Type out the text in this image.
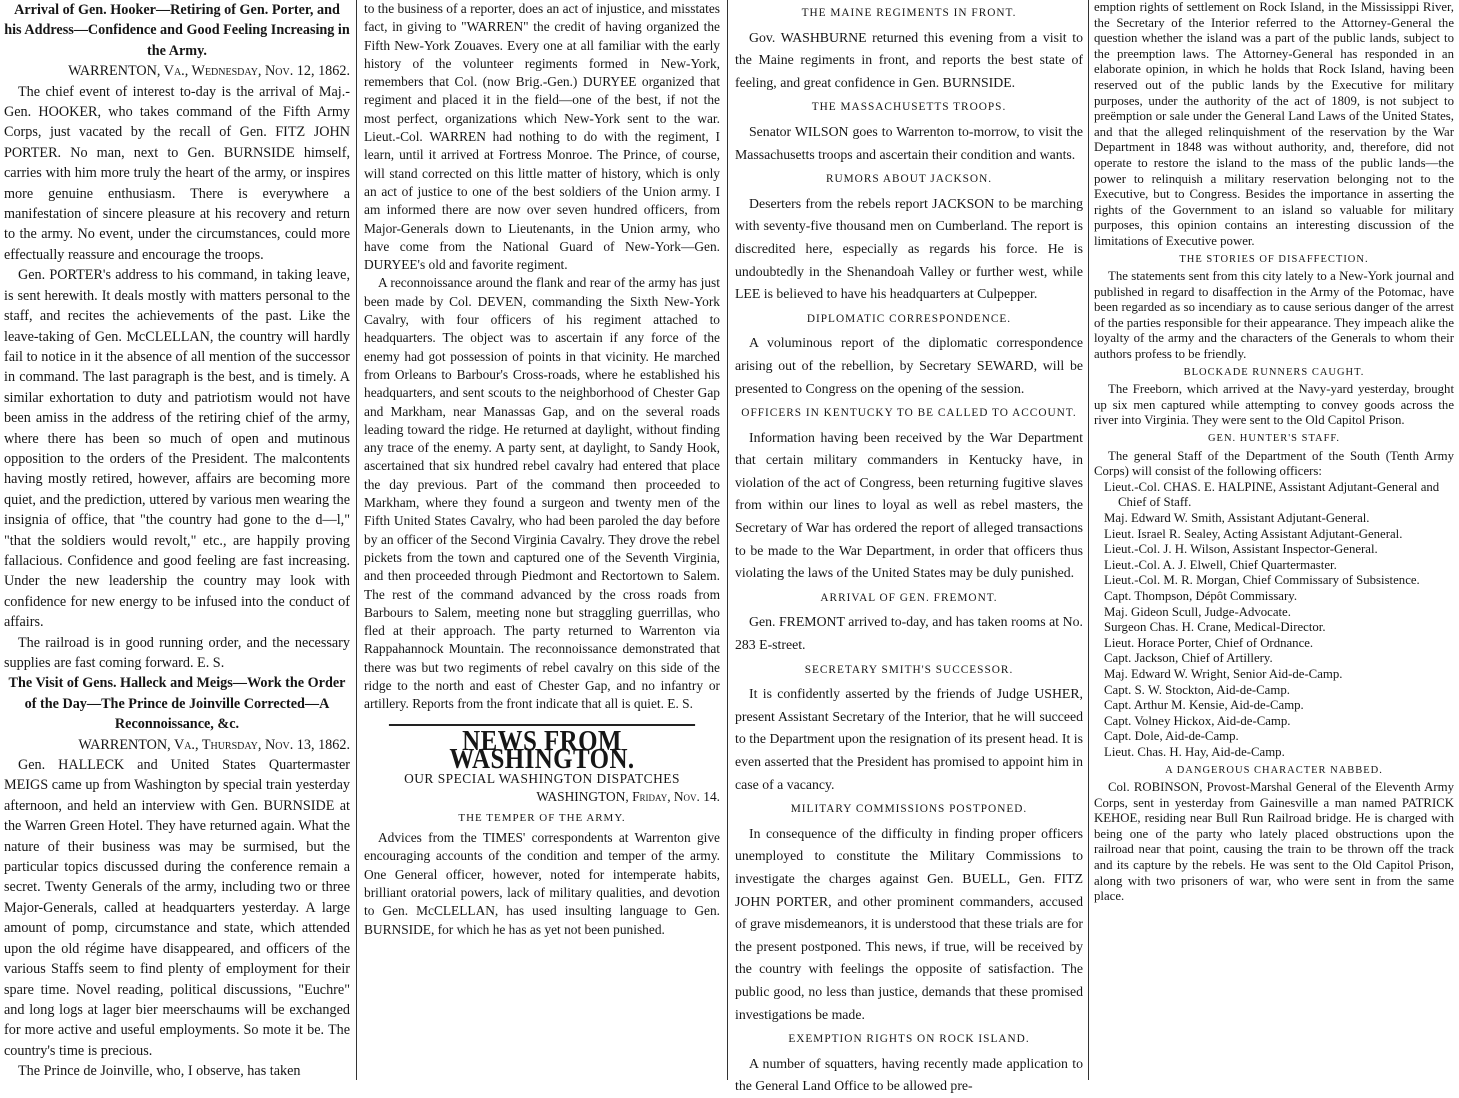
Arrival of Gen. Hooker—Retiring of Gen. Porter, and his Address—Confidence and Good Feeling Increasing in the Army.

WARRENTON, Va., Wednesday, Nov. 12, 1862.

The chief event of interest to-day is the arrival of Maj.-Gen. HOOKER, who takes command of the Fifth Army Corps, just vacated by the recall of Gen. FITZ JOHN PORTER. No man, next to Gen. BURNSIDE himself, carries with him more truly the heart of the army, or inspires more genuine enthusiasm. There is everywhere a manifestation of sincere pleasure at his recovery and return to the army. No event, under the circumstances, could more effectually reassure and encourage the troops.

Gen. PORTER's address to his command, in taking leave, is sent herewith. It deals mostly with matters personal to the staff, and recites the achievements of the past. Like the leave-taking of Gen. McCLELLAN, the country will hardly fail to notice in it the absence of all mention of the successor in command. The last paragraph is the best, and is timely. A similar exhortation to duty and patriotism would not have been amiss in the address of the retiring chief of the army, where there has been so much of open and mutinous opposition to the orders of the President. The malcontents having mostly retired, however, affairs are becoming more quiet, and the prediction, uttered by various men wearing the insignia of office, that "the country had gone to the d—l," "that the soldiers would revolt," etc., are happily proving fallacious. Confidence and good feeling are fast increasing. Under the new leadership the country may look with confidence for new energy to be infused into the conduct of affairs.

The railroad is in good running order, and the necessary supplies are fast coming forward. E. S.

The Visit of Gens. Halleck and Meigs—Work the Order of the Day—The Prince de Joinville Corrected—A Reconnoissance, &c.

WARRENTON, Va., Thursday, Nov. 13, 1862.

Gen. HALLECK and United States Quartermaster MEIGS came up from Washington by special train yesterday afternoon, and held an interview with Gen. BURNSIDE at the Warren Green Hotel. They have returned again. What the nature of their business was may be surmised, but the particular topics discussed during the conference remain a secret. Twenty Generals of the army, including two or three Major-Generals, called at headquarters yesterday. A large amount of pomp, circumstance and state, which attended upon the old régime have disappeared, and officers of the various Staffs seem to find plenty of employment for their spare time. Novel reading, political discussions, "Euchre" and long logs at lager bier meerschaums will be exchanged for more active and useful employments. So mote it be. The country's time is precious.

The Prince de Joinville, who, I observe, has taken

to the business of a reporter, does an act of injustice, and misstates fact, in giving to "WARREN" the credit of having organized the Fifth New-York Zouaves. Every one at all familiar with the early history of the volunteer regiments formed in New-York, remembers that Col. (now Brig.-Gen.) DURYEE organized that regiment and placed it in the field—one of the best, if not the most perfect, organizations which New-York sent to the war. Lieut.-Col. WARREN had nothing to do with the regiment, I learn, until it arrived at Fortress Monroe. The Prince, of course, will stand corrected on this little matter of history, which is only an act of justice to one of the best soldiers of the Union army. I am informed there are now over seven hundred officers, from Major-Generals down to Lieutenants, in the Union army, who have come from the National Guard of New-York—Gen. DURYEE's old and favorite regiment.

A reconnoissance around the flank and rear of the army has just been made by Col. DEVEN, commanding the Sixth New-York Cavalry, with four officers of his regiment attached to headquarters. The object was to ascertain if any force of the enemy had got possession of points in that vicinity. He marched from Orleans to Barbour's Cross-roads, where he established his headquarters, and sent scouts to the neighborhood of Chester Gap and Markham, near Manassas Gap, and on the several roads leading toward the ridge. He returned at daylight, without finding any trace of the enemy. A party sent, at daylight, to Sandy Hook, ascertained that six hundred rebel cavalry had entered that place the day previous. Part of the command then proceeded to Markham, where they found a surgeon and twenty men of the Fifth United States Cavalry, who had been paroled the day before by an officer of the Second Virginia Cavalry. They drove the rebel pickets from the town and captured one of the Seventh Virginia, and then proceeded through Piedmont and Rectortown to Salem. The rest of the command advanced by the cross roads from Barbours to Salem, meeting none but straggling guerrillas, who fled at their approach. The party returned to Warrenton via Rappahannock Mountain. The reconnoissance demonstrated that there was but two regiments of rebel cavalry on this side of the ridge to the north and east of Chester Gap, and no infantry or artillery. Reports from the front indicate that all is quiet. E. S.

NEWS FROM WASHINGTON.

OUR SPECIAL WASHINGTON DISPATCHES

WASHINGTON, Friday, Nov. 14.

THE TEMPER OF THE ARMY.

Advices from the TIMES' correspondents at Warrenton give encouraging accounts of the condition and temper of the army. One General officer, however, noted for intemperate habits, brilliant oratorial powers, lack of military qualities, and devotion to Gen. McCLELLAN, has used insulting language to Gen. BURNSIDE, for which he has as yet not been punished.

THE MAINE REGIMENTS IN FRONT.

Gov. WASHBURNE returned this evening from a visit to the Maine regiments in front, and reports the best state of feeling, and great confidence in Gen. BURNSIDE.

THE MASSACHUSETTS TROOPS.

Senator WILSON goes to Warrenton to-morrow, to visit the Massachusetts troops and ascertain their condition and wants.

RUMORS ABOUT JACKSON.

Deserters from the rebels report JACKSON to be marching with seventy-five thousand men on Cumberland. The report is discredited here, especially as regards his force. He is undoubtedly in the Shenandoah Valley or further west, while LEE is believed to have his headquarters at Culpepper.

DIPLOMATIC CORRESPONDENCE.

A voluminous report of the diplomatic correspondence arising out of the rebellion, by Secretary SEWARD, will be presented to Congress on the opening of the session.

OFFICERS IN KENTUCKY TO BE CALLED TO ACCOUNT.

Information having been received by the War Department that certain military commanders in Kentucky have, in violation of the act of Congress, been returning fugitive slaves from within our lines to loyal as well as rebel masters, the Secretary of War has ordered the report of alleged transactions to be made to the War Department, in order that officers thus violating the laws of the United States may be duly punished.

ARRIVAL OF GEN. FREMONT.

Gen. FREMONT arrived to-day, and has taken rooms at No. 283 E-street.

SECRETARY SMITH'S SUCCESSOR.

It is confidently asserted by the friends of Judge USHER, present Assistant Secretary of the Interior, that he will succeed to the Department upon the resignation of its present head. It is even asserted that the President has promised to appoint him in case of a vacancy.

MILITARY COMMISSIONS POSTPONED.

In consequence of the difficulty in finding proper officers unemployed to constitute the Military Commissions to investigate the charges against Gen. BUELL, Gen. FITZ JOHN PORTER, and other prominent commanders, accused of grave misdemeanors, it is understood that these trials are for the present postponed. This news, if true, will be received by the country with feelings the opposite of satisfaction. The public good, no less than justice, demands that these promised investigations be made.

EXEMPTION RIGHTS ON ROCK ISLAND.

A number of squatters, having recently made application to the General Land Office to be allowed pre-

emption rights of settlement on Rock Island, in the Mississippi River, the Secretary of the Interior referred to the Attorney-General the question whether the island was a part of the public lands, subject to the preemption laws. The Attorney-General has responded in an elaborate opinion, in which he holds that Rock Island, having been reserved out of the public lands by the Executive for military purposes, under the authority of the act of 1809, is not subject to preëmption or sale under the General Land Laws of the United States, and that the alleged relinquishment of the reservation by the War Department in 1848 was without authority, and, therefore, did not operate to restore the island to the mass of the public lands—the power to relinquish a military reservation belonging not to the Executive, but to Congress. Besides the importance in asserting the rights of the Government to an island so valuable for military purposes, this opinion contains an interesting discussion of the limitations of Executive power.

THE STORIES OF DISAFFECTION.

The statements sent from this city lately to a New-York journal and published in regard to disaffection in the Army of the Potomac, have been regarded as so incendiary as to cause serious danger of the arrest of the parties responsible for their appearance. They impeach alike the loyalty of the army and the characters of the Generals to whom their authors profess to be friendly.

BLOCKADE RUNNERS CAUGHT.

The Freeborn, which arrived at the Navy-yard yesterday, brought up six men captured while attempting to convey goods across the river into Virginia. They were sent to the Old Capitol Prison.

GEN. HUNTER'S STAFF.

The general Staff of the Department of the South (Tenth Army Corps) will consist of the following officers:

Lieut.-Col. CHAS. E. HALPINE, Assistant Adjutant-General and Chief of Staff.

Maj. Edward W. Smith, Assistant Adjutant-General.

Lieut. Israel R. Sealey, Acting Assistant Adjutant-General.

Lieut.-Col. J. H. Wilson, Assistant Inspector-General.

Lieut.-Col. A. J. Elwell, Chief Quartermaster.

Lieut.-Col. M. R. Morgan, Chief Commissary of Subsistence.

Capt. Thompson, Dépôt Commissary.

Maj. Gideon Scull, Judge-Advocate.

Surgeon Chas. H. Crane, Medical-Director.

Lieut. Horace Porter, Chief of Ordnance.

Capt. Jackson, Chief of Artillery.

Maj. Edward W. Wright, Senior Aid-de-Camp.

Capt. S. W. Stockton, Aid-de-Camp.

Capt. Arthur M. Kensie, Aid-de-Camp.

Capt. Volney Hickox, Aid-de-Camp.

Capt. Dole, Aid-de-Camp.

Lieut. Chas. H. Hay, Aid-de-Camp.

A DANGEROUS CHARACTER NABBED.

Col. ROBINSON, Provost-Marshal General of the Eleventh Army Corps, sent in yesterday from Gainesville a man named PATRICK KEHOE, residing near Bull Run Railroad bridge. He is charged with being one of the party who lately placed obstructions upon the railroad near that point, causing the train to be thrown off the track and its capture by the rebels. He was sent to the Old Capitol Prison, along with two prisoners of war, who were sent in from the same place.
